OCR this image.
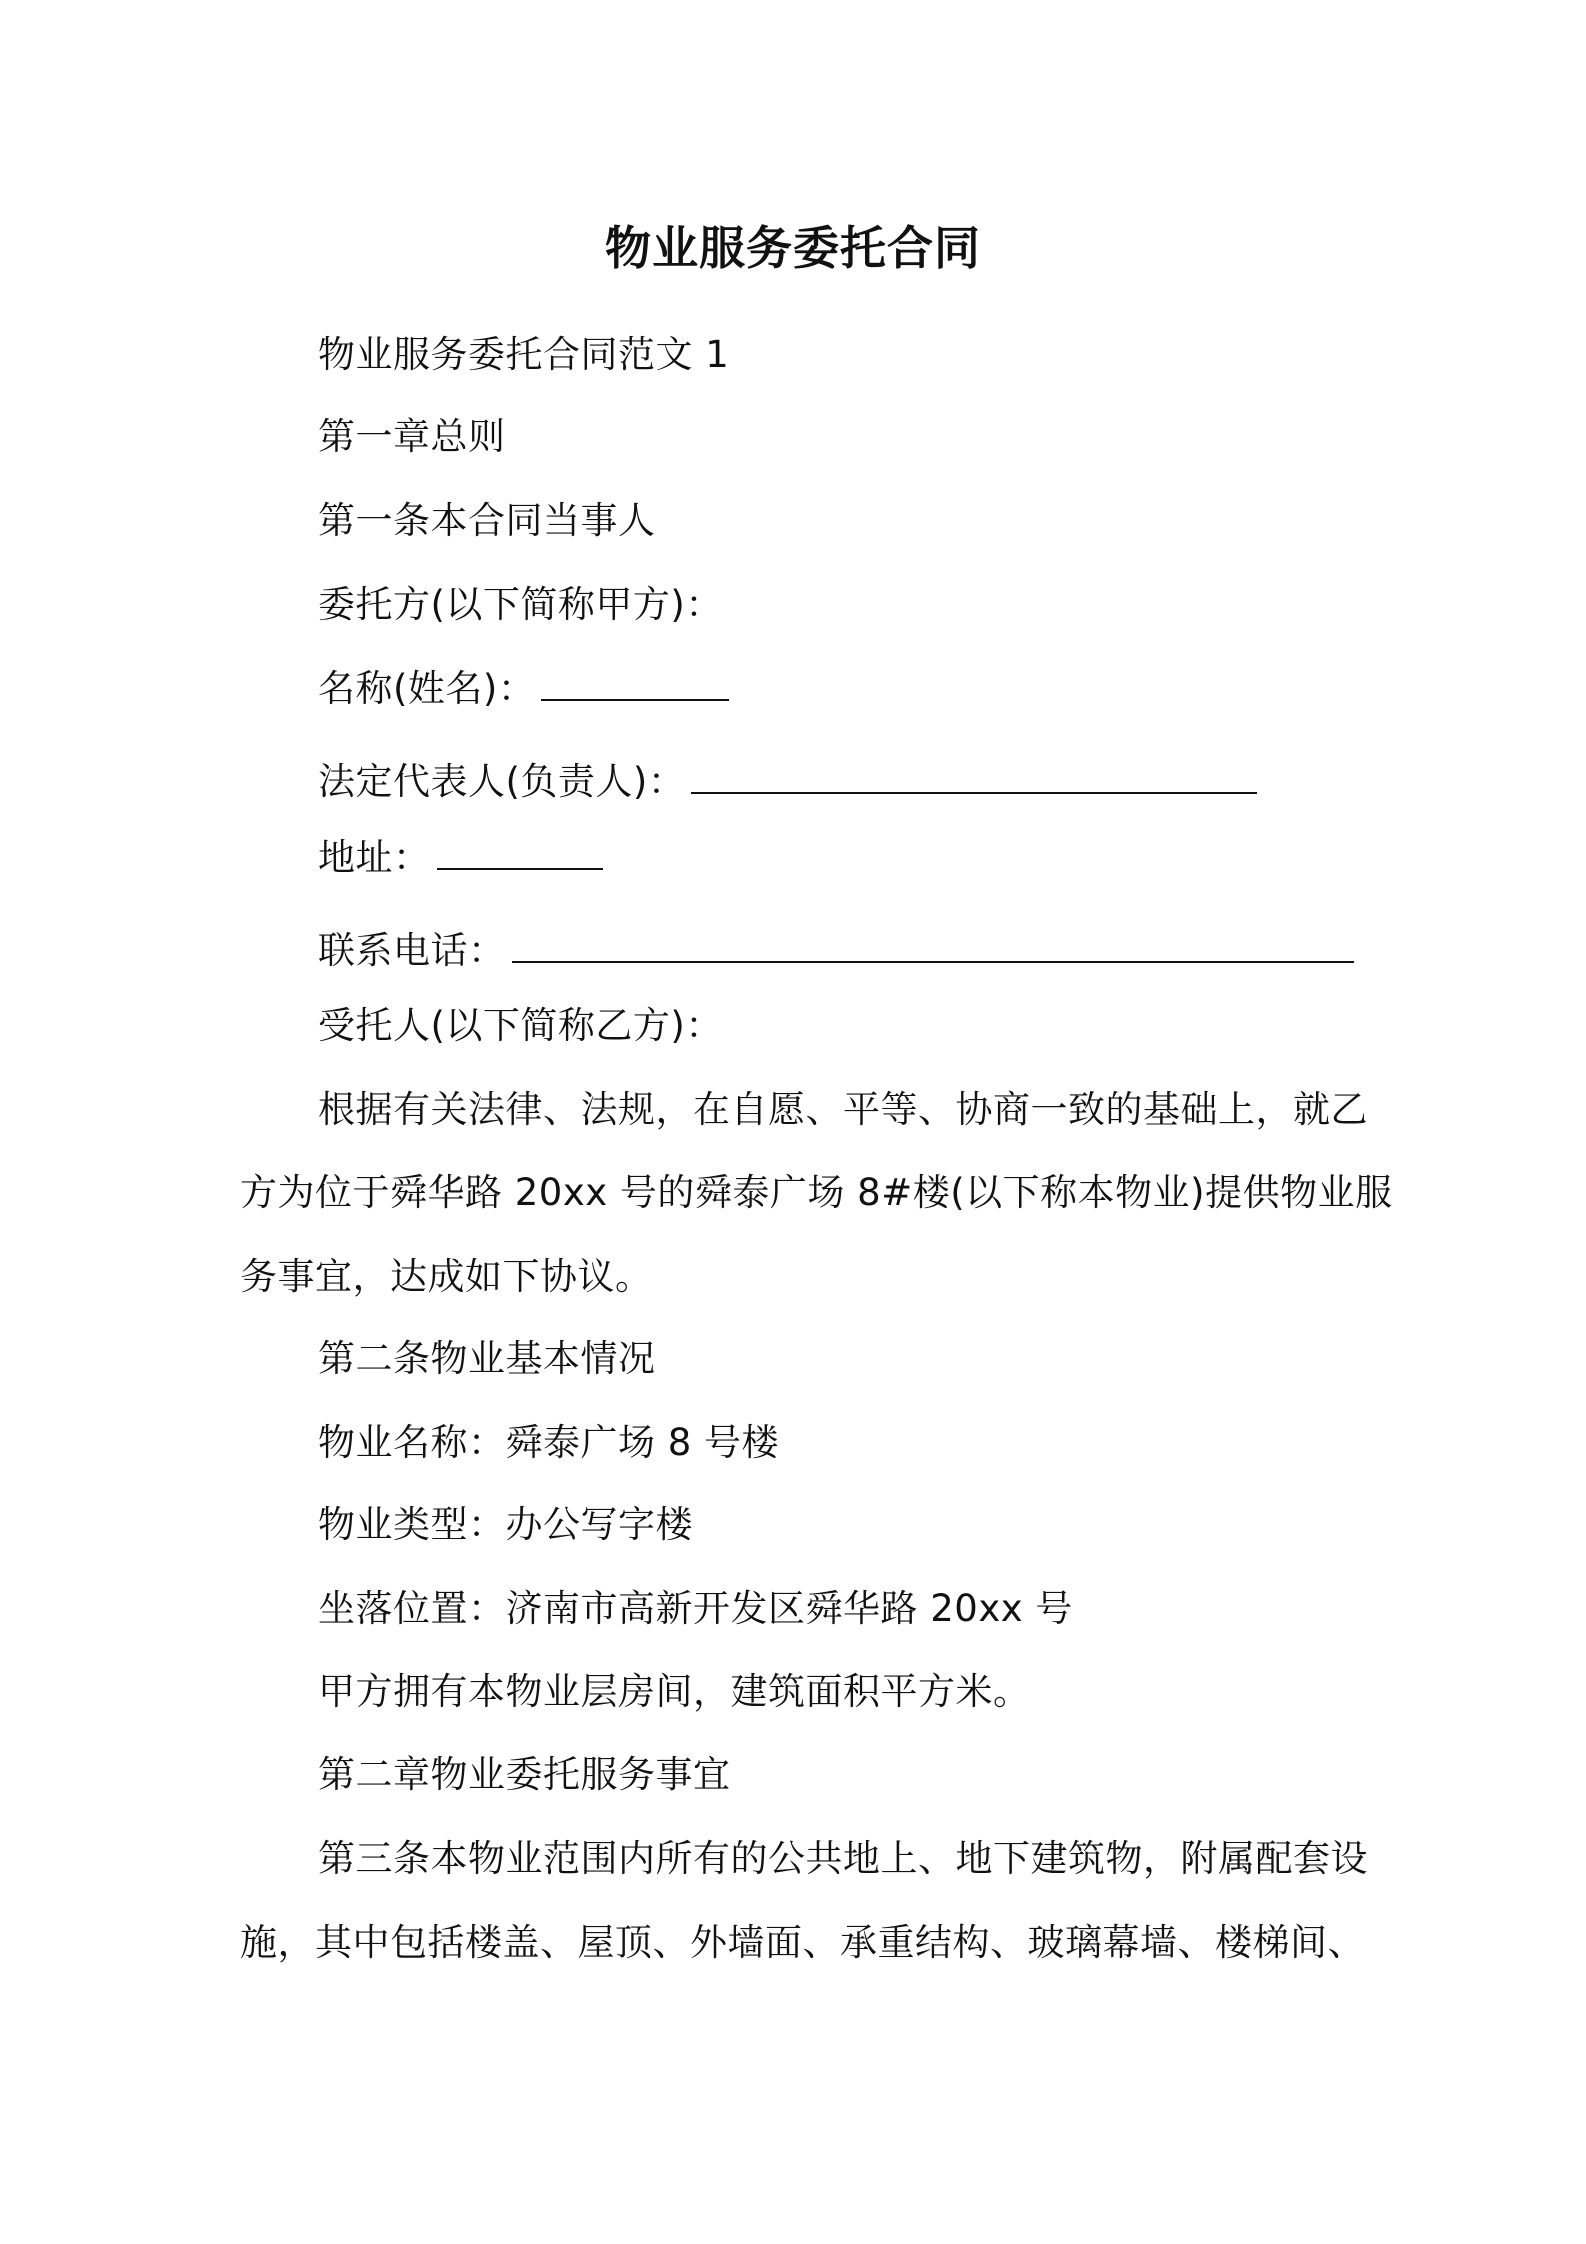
物业服务委托合同
物业服务委托合同范文 1
第一章总则
第一条本合同当事人
委托方(以下简称甲方)：
名称(姓名)：
法定代表人(负责人)：
地址：
联系电话：
受托人(以下简称乙方)：
根据有关法律、法规，在自愿、平等、协商一致的基础上，就乙
方为位于舜华路 20xx 号的舜泰广场 8#楼(以下称本物业)提供物业服
务事宜，达成如下协议。
第二条物业基本情况
物业名称：舜泰广场 8 号楼
物业类型：办公写字楼
坐落位置：济南市高新开发区舜华路 20xx 号
甲方拥有本物业层房间，建筑面积平方米。
第二章物业委托服务事宜
第三条本物业范围内所有的公共地上、地下建筑物，附属配套设
施，其中包括楼盖、屋顶、外墙面、承重结构、玻璃幕墙、楼梯间、
